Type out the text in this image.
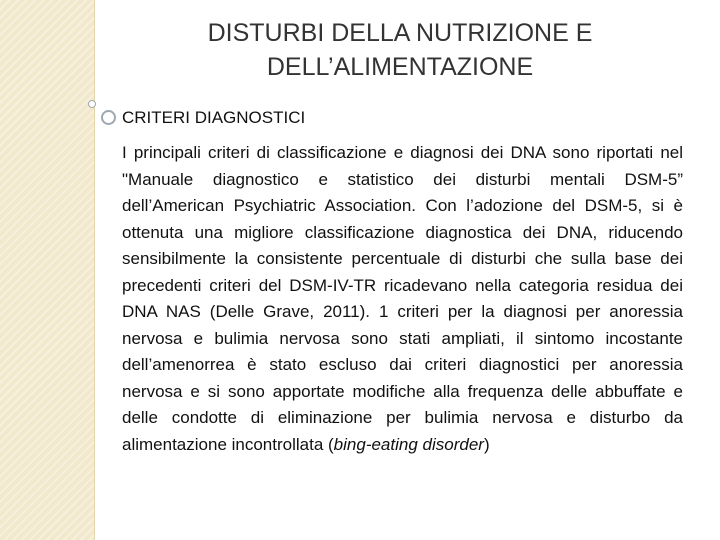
DISTURBI DELLA NUTRIZIONE E
DELL’ALIMENTAZIONE
CRITERI DIAGNOSTICI

I principali criteri di classificazione e diagnosi dei DNA sono riportati nel "Manuale diagnostico e statistico dei disturbi mentali DSM-5” dell’American Psychiatric Association. Con l’adozione del DSM-5, si è ottenuta una migliore classificazione diagnostica dei DNA, riducendo sensibilmente la consistente percentuale di disturbi che sulla base dei precedenti criteri del DSM-IV-TR ricadevano nella categoria residua dei DNA NAS (Delle Grave, 2011). 1 criteri per la diagnosi per anoressia nervosa e bulimia nervosa sono stati ampliati, il sintomo incostante dell’amenorrea è stato escluso dai criteri diagnostici per anoressia nervosa e si sono apportate modifiche alla frequenza delle abbuffate e delle condotte di eliminazione per bulimia nervosa e disturbo da alimentazione incontrollata (bing-eating disorder)
